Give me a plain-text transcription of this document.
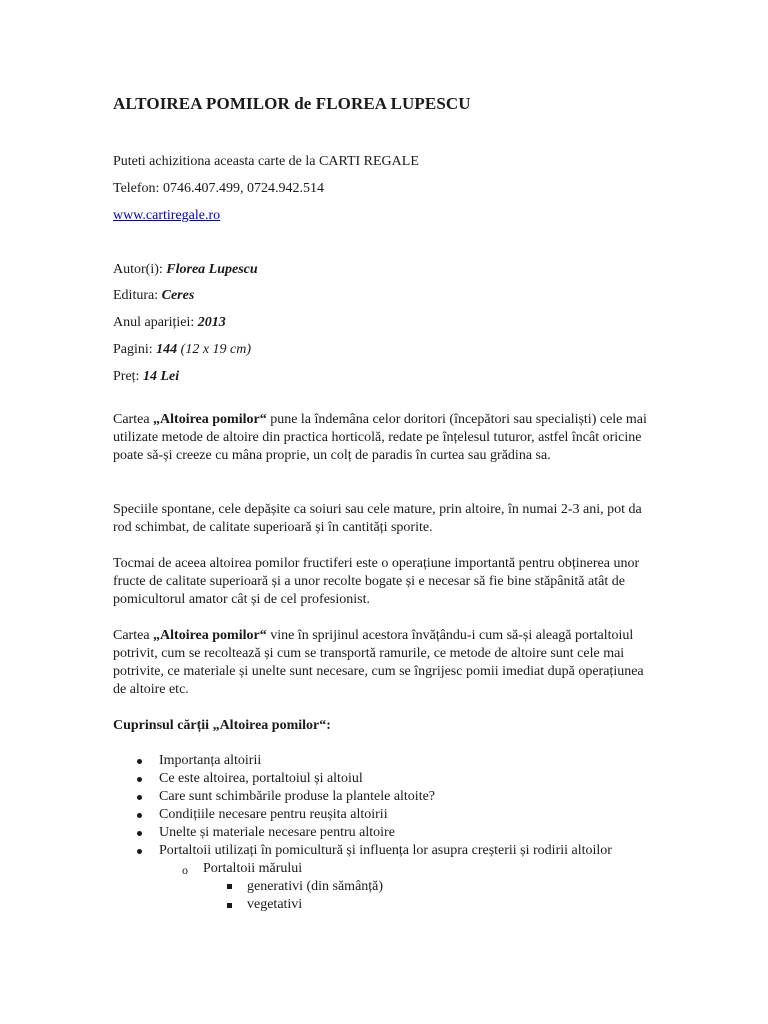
ALTOIREA POMILOR de FLOREA LUPESCU
Puteti achizitiona aceasta carte de la CARTI REGALE
Telefon: 0746.407.499, 0724.942.514
www.cartiregale.ro
Autor(i): Florea Lupescu
Editura: Ceres
Anul apariției: 2013
Pagini: 144 (12 x 19 cm)
Preț: 14 Lei

Cartea „Altoirea pomilor“ pune la îndemâna celor doritori (începători sau specialiști) cele mai utilizate metode de altoire din practica horticolă, redate pe înțelesul tuturor, astfel încât oricine poate să-și creeze cu mâna proprie, un colț de paradis în curtea sau grădina sa.

Speciile spontane, cele depășite ca soiuri sau cele mature, prin altoire, în numai 2-3 ani, pot da rod schimbat, de calitate superioară și în cantități sporite.

Tocmai de aceea altoirea pomilor fructiferi este o operațiune importantă pentru obținerea unor fructe de calitate superioară și a unor recolte bogate și e necesar să fie bine stăpânită atât de pomicultorul amator cât și de cel profesionist.

Cartea „Altoirea pomilor“ vine în sprijinul acestora învățându-i cum să-și aleagă portaltoiul potrivit, cum se recoltează și cum se transportă ramurile, ce metode de altoire sunt cele mai potrivite, ce materiale și unelte sunt necesare, cum se îngrijesc pomii imediat după operațiunea de altoire etc.

Cuprinsul cărții „Altoirea pomilor“:
Importanța altoirii
Ce este altoirea, portaltoiul și altoiul
Care sunt schimbările produse la plantele altoite?
Condițiile necesare pentru reușita altoirii
Unelte și materiale necesare pentru altoire
Portaltoii utilizați în pomicultură și influența lor asupra creșterii și rodirii altoilor
o Portaltoii mărului
generativi (din sămânță)
vegetativi
